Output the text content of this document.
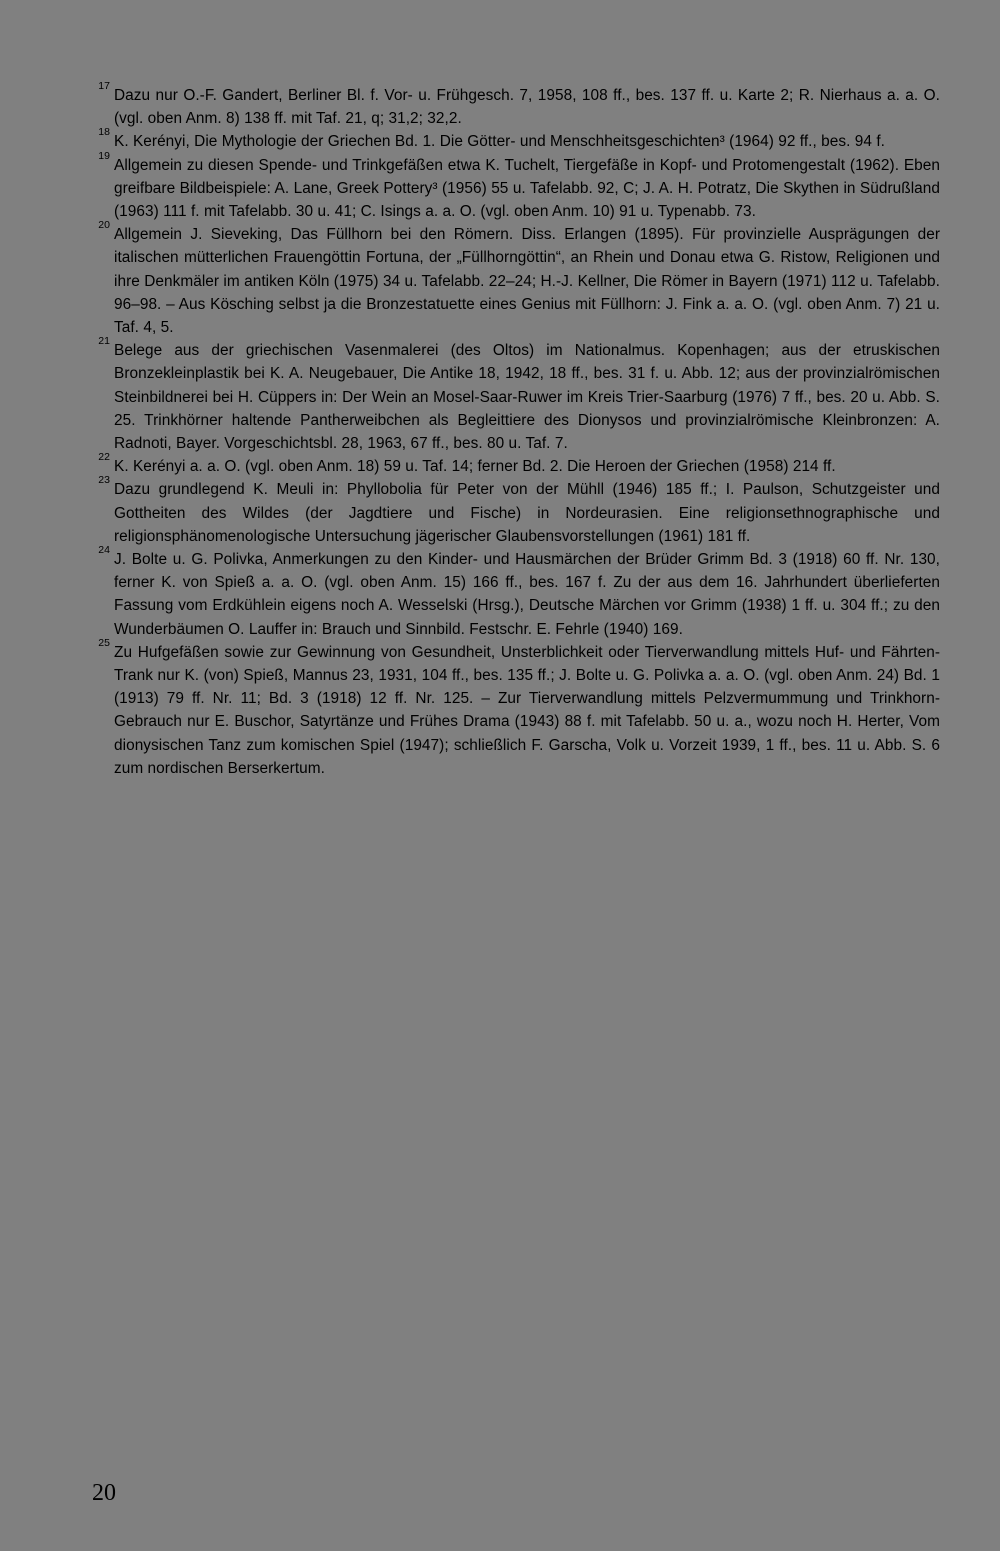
17
Dazu nur O.-F. Gandert, Berliner Bl. f. Vor- u. Frühgesch. 7, 1958, 108 ff., bes. 137 ff. u. Karte 2; R. Nierhaus a. a. O. (vgl. oben Anm. 8) 138 ff. mit Taf. 21, q; 31,2; 32,2.
18
K. Kerényi, Die Mythologie der Griechen Bd. 1. Die Götter- und Menschheitsgeschichten³ (1964) 92 ff., bes. 94 f.
19
Allgemein zu diesen Spende- und Trinkgefäßen etwa K. Tuchelt, Tiergefäße in Kopf- und Protomengestalt (1962). Eben greifbare Bildbeispiele: A. Lane, Greek Pottery³ (1956) 55 u. Tafelabb. 92, C; J. A. H. Potratz, Die Skythen in Südrußland (1963) 111 f. mit Tafelabb. 30 u. 41; C. Isings a. a. O. (vgl. oben Anm. 10) 91 u. Typenabb. 73.
20
Allgemein J. Sieveking, Das Füllhorn bei den Römern. Diss. Erlangen (1895). Für provinzielle Ausprägungen der italischen mütterlichen Frauengöttin Fortuna, der „Füllhorngöttin“, an Rhein und Donau etwa G. Ristow, Religionen und ihre Denkmäler im antiken Köln (1975) 34 u. Tafelabb. 22–24; H.-J. Kellner, Die Römer in Bayern (1971) 112 u. Tafelabb. 96–98. – Aus Kösching selbst ja die Bronzestatuette eines Genius mit Füllhorn: J. Fink a. a. O. (vgl. oben Anm. 7) 21 u. Taf. 4, 5.
21
Belege aus der griechischen Vasenmalerei (des Oltos) im Nationalmus. Kopenhagen; aus der etruskischen Bronzekleinplastik bei K. A. Neugebauer, Die Antike 18, 1942, 18 ff., bes. 31 f. u. Abb. 12; aus der provinzialrömischen Steinbildnerei bei H. Cüppers in: Der Wein an Mosel-Saar-Ruwer im Kreis Trier-Saarburg (1976) 7 ff., bes. 20 u. Abb. S. 25. Trinkhörner haltende Pantherweibchen als Begleittiere des Dionysos und provinzialrömische Kleinbronzen: A. Radnoti, Bayer. Vorgeschichtsbl. 28, 1963, 67 ff., bes. 80 u. Taf. 7.
22
K. Kerényi a. a. O. (vgl. oben Anm. 18) 59 u. Taf. 14; ferner Bd. 2. Die Heroen der Griechen (1958) 214 ff.
23
Dazu grundlegend K. Meuli in: Phyllobolia für Peter von der Mühll (1946) 185 ff.; I. Paulson, Schutzgeister und Gottheiten des Wildes (der Jagdtiere und Fische) in Nordeurasien. Eine religionsethnographische und religionsphänomenologische Untersuchung jägerischer Glaubensvorstellungen (1961) 181 ff.
24
J. Bolte u. G. Polivka, Anmerkungen zu den Kinder- und Hausmärchen der Brüder Grimm Bd. 3 (1918) 60 ff. Nr. 130, ferner K. von Spieß a. a. O. (vgl. oben Anm. 15) 166 ff., bes. 167 f. Zu der aus dem 16. Jahrhundert überlieferten Fassung vom Erdkühlein eigens noch A. Wesselski (Hrsg.), Deutsche Märchen vor Grimm (1938) 1 ff. u. 304 ff.; zu den Wunderbäumen O. Lauffer in: Brauch und Sinnbild. Festschr. E. Fehrle (1940) 169.
25
Zu Hufgefäßen sowie zur Gewinnung von Gesundheit, Unsterblichkeit oder Tierverwandlung mittels Huf- und Fährten-Trank nur K. (von) Spieß, Mannus 23, 1931, 104 ff., bes. 135 ff.; J. Bolte u. G. Polivka a. a. O. (vgl. oben Anm. 24) Bd. 1 (1913) 79 ff. Nr. 11; Bd. 3 (1918) 12 ff. Nr. 125. – Zur Tierverwandlung mittels Pelzvermummung und Trinkhorn-Gebrauch nur E. Buschor, Satyrtänze und Frühes Drama (1943) 88 f. mit Tafelabb. 50 u. a., wozu noch H. Herter, Vom dionysischen Tanz zum komischen Spiel (1947); schließlich F. Garscha, Volk u. Vorzeit 1939, 1 ff., bes. 11 u. Abb. S. 6 zum nordischen Berserkertum.
20
